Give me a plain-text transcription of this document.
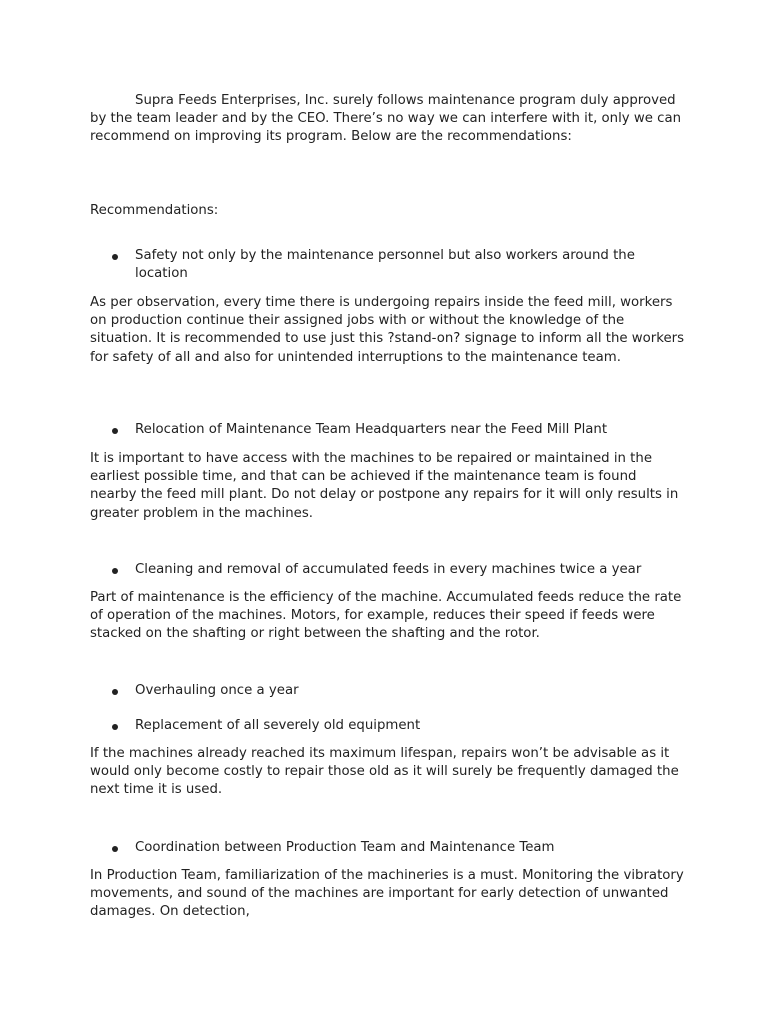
Supra Feeds Enterprises, Inc. surely follows maintenance program duly approved by the team leader and by the CEO. There’s no way we can interfere with it, only we can recommend on improving its program. Below are the recommendations:

Recommendations:

Safety not only by the maintenance personnel but also workers around the location

As per observation, every time there is undergoing repairs inside the feed mill, workers on production continue their assigned jobs with or without the knowledge of the situation. It is recommended to use just this ?stand-on? signage to inform all the workers for safety of all and also for unintended interruptions to the maintenance team.

Relocation of Maintenance Team Headquarters near the Feed Mill Plant

It is important to have access with the machines to be repaired or maintained in the earliest possible time, and that can be achieved if the maintenance team is found nearby the feed mill plant. Do not delay or postpone any repairs for it will only results in greater problem in the machines.

Cleaning and removal of accumulated feeds in every machines twice a year

Part of maintenance is the efficiency of the machine. Accumulated feeds reduce the rate of operation of the machines. Motors, for example, reduces their speed if feeds were stacked on the shafting or right between the shafting and the rotor.

Overhauling once a year
Replacement of all severely old equipment

If the machines already reached its maximum lifespan, repairs won’t be advisable as it would only become costly to repair those old as it will surely be frequently damaged the next time it is used.

Coordination between Production Team and Maintenance Team

In Production Team, familiarization of the machineries is a must. Monitoring the vibratory movements, and sound of the machines are important for early detection of unwanted damages. On detection,
